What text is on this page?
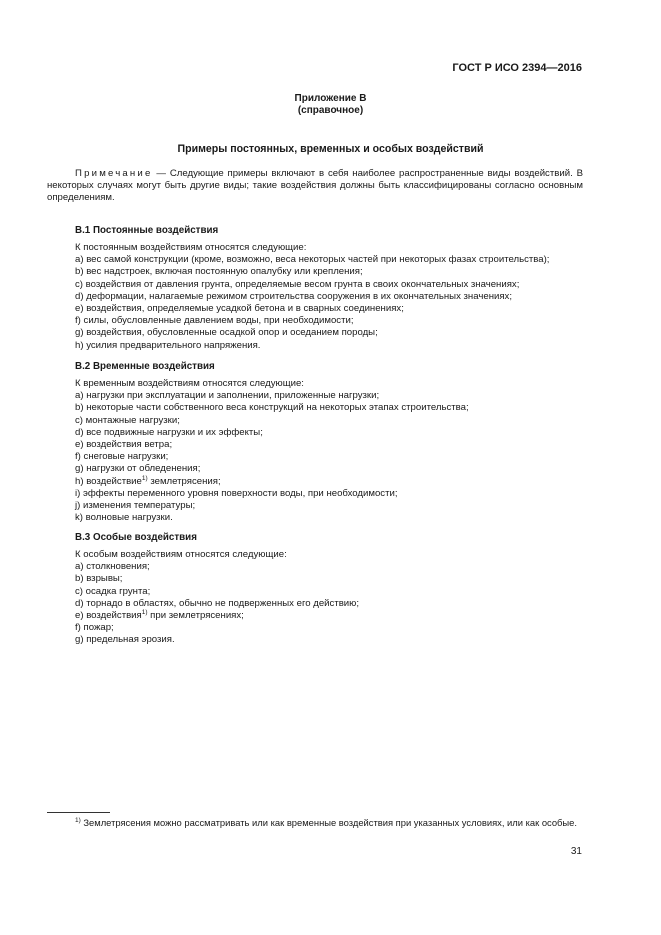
ГОСТ Р ИСО 2394—2016
Приложение В
(справочное)
Примеры постоянных, временных и особых воздействий
Примечание — Следующие примеры включают в себя наиболее распространенные виды воздействий. В некоторых случаях могут быть другие виды; такие воздействия должны быть классифицированы согласно основным определениям.
В.1 Постоянные воздействия
К постоянным воздействиям относятся следующие:
a) вес самой конструкции (кроме, возможно, веса некоторых частей при некоторых фазах строительства);
b) вес надстроек, включая постоянную опалубку или крепления;
c) воздействия от давления грунта, определяемые весом грунта в своих окончательных значениях;
d) деформации, налагаемые режимом строительства сооружения в их окончательных значениях;
e) воздействия, определяемые усадкой бетона и в сварных соединениях;
f) силы, обусловленные давлением воды, при необходимости;
g) воздействия, обусловленные осадкой опор и оседанием породы;
h) усилия предварительного напряжения.
В.2 Временные воздействия
К временным воздействиям относятся следующие:
a) нагрузки при эксплуатации и заполнении, приложенные нагрузки;
b) некоторые части собственного веса конструкций на некоторых этапах строительства;
c) монтажные нагрузки;
d) все подвижные нагрузки и их эффекты;
e) воздействия ветра;
f) снеговые нагрузки;
g) нагрузки от обледенения;
h) воздействие$^{1)}$ землетрясения;
i) эффекты переменного уровня поверхности воды, при необходимости;
j) изменения температуры;
k) волновые нагрузки.
В.3 Особые воздействия
К особым воздействиям относятся следующие:
a) столкновения;
b) взрывы;
c) осадка грунта;
d) торнадо в областях, обычно не подверженных его действию;
e) воздействия$^{1)}$ при землетрясениях;
f) пожар;
g) предельная эрозия.
$^{1)}$ Землетрясения можно рассматривать или как временные воздействия при указанных условиях, или как особые.
31
